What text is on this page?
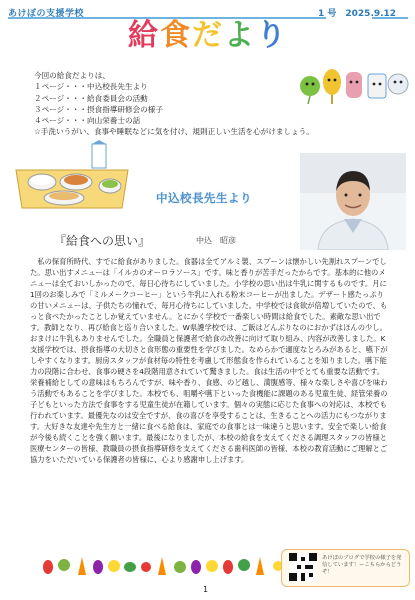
あけぼの支援学校
給食だより
1 号　2025.9.12
今回の給食だよりは、
１ページ・・・中込校長先生より
２ページ・・・給食委員会の活動
３ページ・・・摂食指導研修会の様子
４ページ・・・向山栄養士の話
☆手洗いうがい、食事や睡眠などに気を付け、規則正しい生活を心がけましょう。
中込校長先生より
『給食への思い』	中込　昭彦

　私の保育所時代、すでに給食がありました。食器は全てアルミ製、スプーンは懐かしい先割れスプーンでした。思い出すメニューは「イルカのオーロラソース」です。味と香りが苦手だったからです。基本的に他のメニューは全ておいしかったので、毎日心待ちにしていました。小学校の思い出は牛乳に関するものです。月に1回のお楽しみで「ミルメークコーヒー」という牛乳に入れる粉末コーヒーが出ました。デザート感たっぷりの甘いメニューは、子供たちの憧れで、毎月心待ちにしていました。中学校では食欲が倍増していたので、もっと食べたかったことしか覚えていません。とにかく学校で一番楽しい時間は給食でした。素敵な思い出です。教師となり、再び給食と巡り合いました。W県護学校では、ご飯はどんぶりなのにおかずはほんの少し。おまけに牛乳もありませんでした。全職員と保護者で給食の改善に向けて取り組み、内容が改善しました。K支援学校では、摂食指導の大切さと食形態の重要性を学びました。なめらかで適度なとろみがあると、嚥下がしやすくなります。厨房スタッフが食材毎の特性を考慮して形態食を作られていることを知りました。嚥下能力の段階に合わせ、食事の硬さを4段階用意されていて驚きました。食は生活の中でとても重要な活動です。栄養補給としての意味はもちろんですが、味や香り、食感、のど越し、満腹感等、様々な楽しさや喜びを味わう活動でもあることを学びました。本校でも、咀嚼や嚥下といった食機能に課題のある児童生徒、経管栄養の子どもといった方法で食事をする児童生徒が在籍しています。個々の実態に応じた食事への対応は、本校でも行われています。最優先なのは安全ですが、食の喜びを享受することは、生きることへの活力にもつながります。大好きな友達や先生方と一緒に食べる給食は、家庭での食事とは一味違うと思います。安全で楽しい給食が今後も続くことを強く願います。最後になりましたが、本校の給食を支えてくださる調理スタッフの皆様と医療センターの皆様、教職員の摂食指導研修を支えてくださる歯科医師の皆様、本校の教育活動にご理解とご協力をいただいている保護者の皆様に、心より感謝申し上げます。

あけぼのブログで学校の様子を発信しています！ーこちらからどうぞ！
1
